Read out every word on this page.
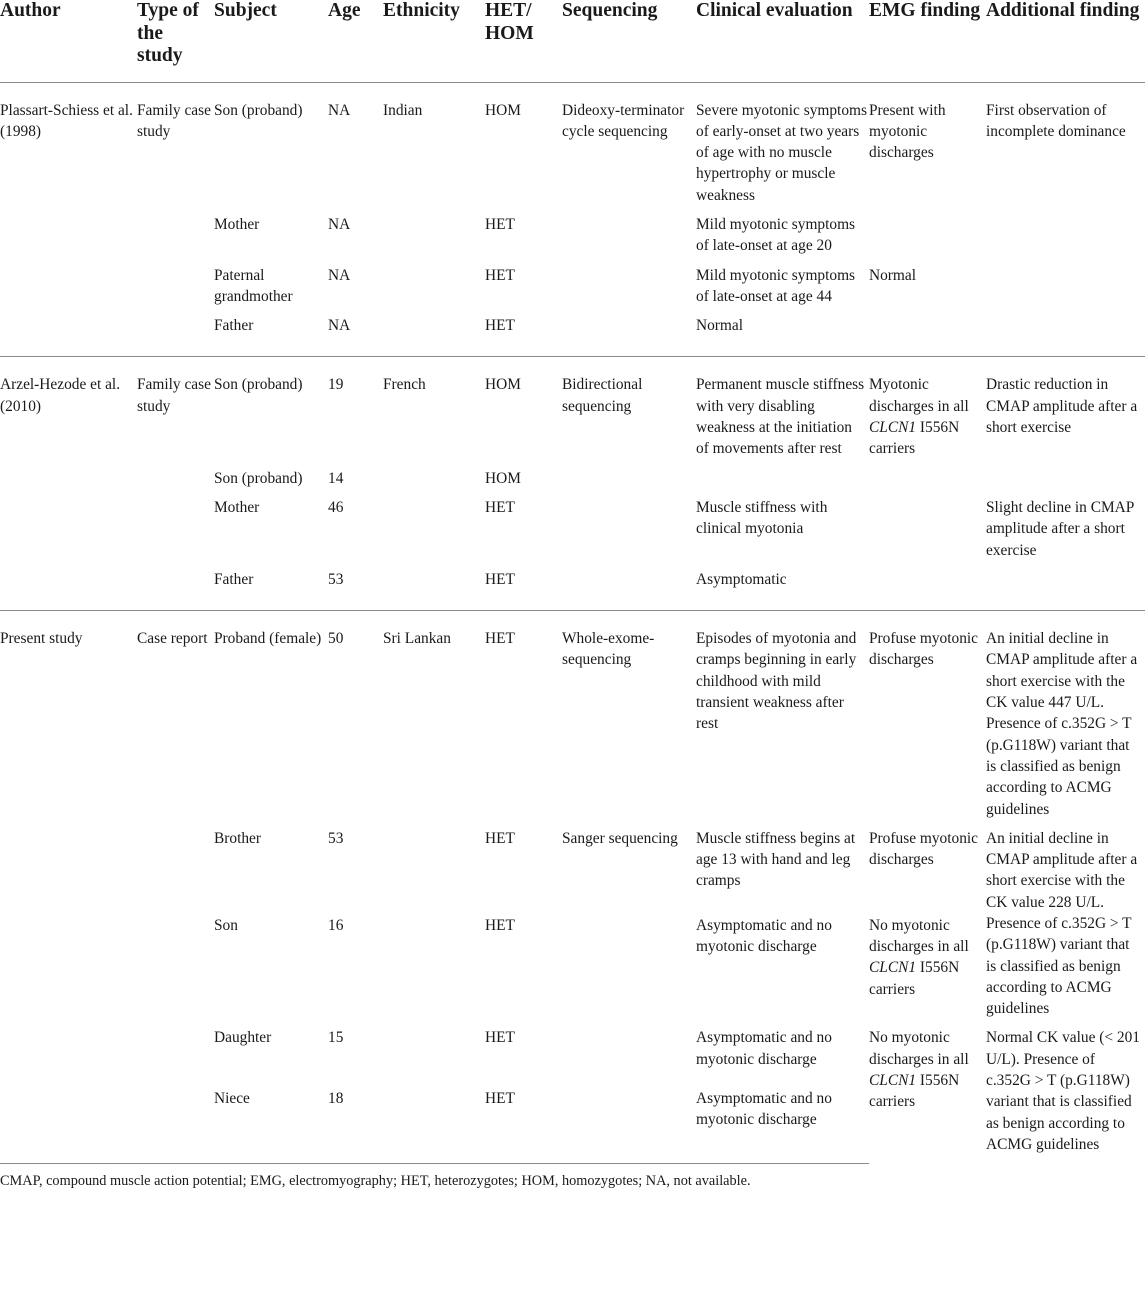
Author	Type of the study	Subject	Age	Ethnicity	HET/ HOM	Sequencing	Clinical evaluation	EMG finding	Additional finding
Plassart-Schiess et al. (1998)	Family case study	Son (proband)	NA	Indian	HOM	Dideoxy-terminator cycle sequencing	Severe myotonic symptoms of early-onset at two years of age with no muscle hypertrophy or muscle weakness	Present with myotonic discharges	First observation of incomplete dominance
		Mother	NA		HET		Mild myotonic symptoms of late-onset at age 20		
		Paternal grandmother	NA		HET		Mild myotonic symptoms of late-onset at age 44	Normal	
		Father	NA		HET		Normal		
Arzel-Hezode et al. (2010)	Family case study	Son (proband)	19	French	HOM	Bidirectional sequencing	Permanent muscle stiffness with very disabling weakness at the initiation of movements after rest	Myotonic discharges in all CLCN1 I556N carriers	Drastic reduction in CMAP amplitude after a short exercise
		Son (proband)	14		HOM				
		Mother	46		HET		Muscle stiffness with clinical myotonia		Slight decline in CMAP amplitude after a short exercise
		Father	53		HET		Asymptomatic		
Present study	Case report	Proband (female)	50	Sri Lankan	HET	Whole-exome-sequencing	Episodes of myotonia and cramps beginning in early childhood with mild transient weakness after rest	Profuse myotonic discharges	An initial decline in CMAP amplitude after a short exercise with the CK value 447 U/L. Presence of c.352G > T (p.G118W) variant that is classified as benign according to ACMG guidelines
		Brother	53		HET	Sanger sequencing	Muscle stiffness begins at age 13 with hand and leg cramps	Profuse myotonic discharges	An initial decline in CMAP amplitude after a short exercise with the CK value 228 U/L. Presence of c.352G > T (p.G118W) variant that is classified as benign according to ACMG guidelines
		Son	16		HET		Asymptomatic and no myotonic discharge	No myotonic discharges in all CLCN1 I556N carriers	
		Daughter	15		HET		Asymptomatic and no myotonic discharge	No myotonic discharges in all CLCN1 I556N carriers	Normal CK value (< 201 U/L). Presence of c.352G > T (p.G118W) variant that is classified as benign according to ACMG guidelines
		Niece	18		HET		Asymptomatic and no myotonic discharge		
CMAP, compound muscle action potential; EMG, electromyography; HET, heterozygotes; HOM, homozygotes; NA, not available.
